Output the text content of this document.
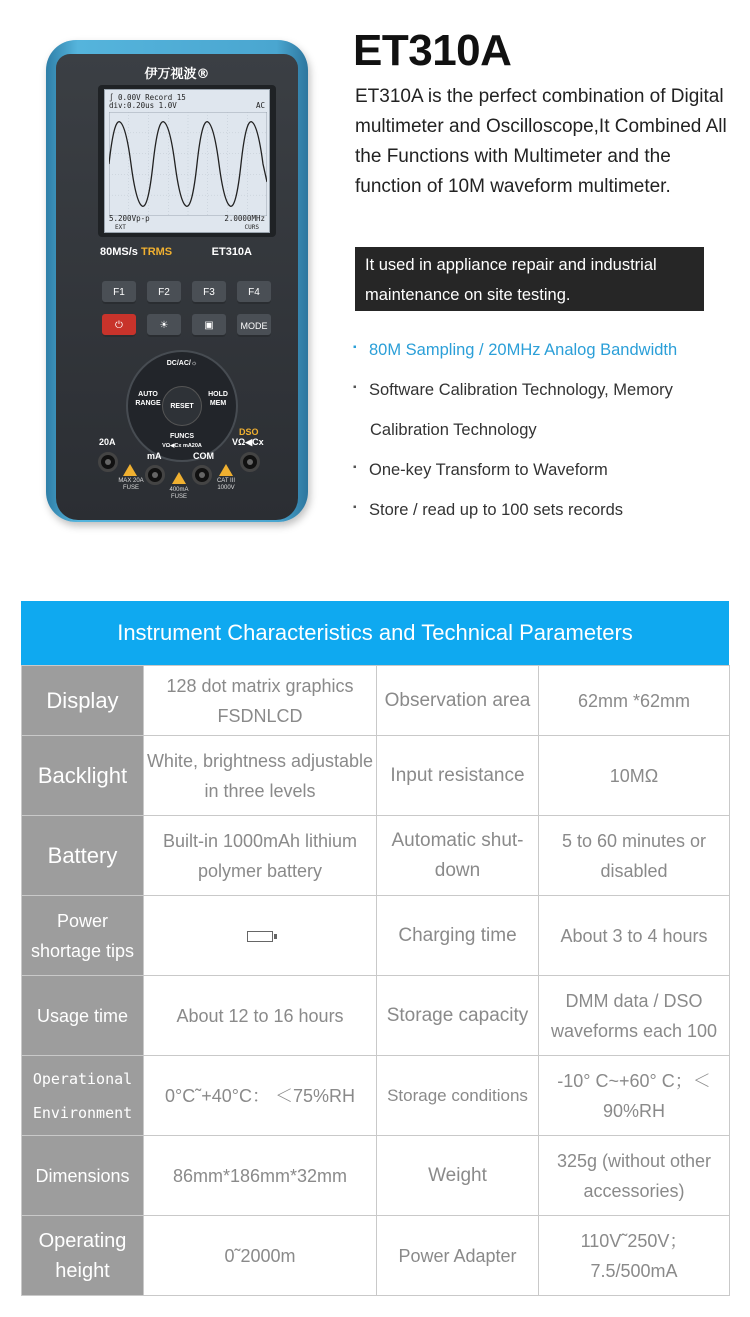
伊万视波®
∫ 0.00V Record 15
div:0.20us 1.0V	AC
5.200Vp-p	2.0000MHz
EXT	CURS
80MS/s TRMS	ET310A
F1	F2	F3	F4
⏻	☀	▣	MODE
DC/AC/☼
AUTO RANGE	RESET
HOLD MEM
FUNCS
VΩ◀Cx mA20A
20A
mA	COM
DSO
VΩ◀Cx
MAX 20A FUSE	400mA FUSE
CAT III 1000V
ET310A

ET310A is the perfect combination of Digital multimeter and Oscilloscope,It Combined All the Functions with Multimeter and the function of 10M waveform multimeter.

It used in appliance repair and industrial maintenance on site testing.
▪ 80M Sampling / 20MHz Analog Bandwidth
▪ Software Calibration Technology, Memory
Calibration Technology
▪ One-key Transform to Waveform
▪ Store / read up to 100 sets records
Instrument Characteristics and Technical Parameters
Display	128 dot matrix graphics FSDNLCD	Observation area	62mm *62mm
Backlight	White, brightness adjustable in three levels	Input resistance	10MΩ
Battery	Built-in 1000mAh lithium polymer battery	Automatic shut-down	5 to 60 minutes or disabled
Power shortage tips		Charging time	About 3 to 4 hours
Usage time	About 12 to 16 hours	Storage capacity	DMM data / DSO waveforms each 100
Operational Environment	0°C˜+40°C： ＜75%RH	Storage conditions	-10° C~+60° C；＜90%RH
Dimensions	86mm*186mm*32mm	Weight	325g (without other accessories)
Operating height	0˜2000m	Power Adapter	110V˜250V；7.5/500mA
